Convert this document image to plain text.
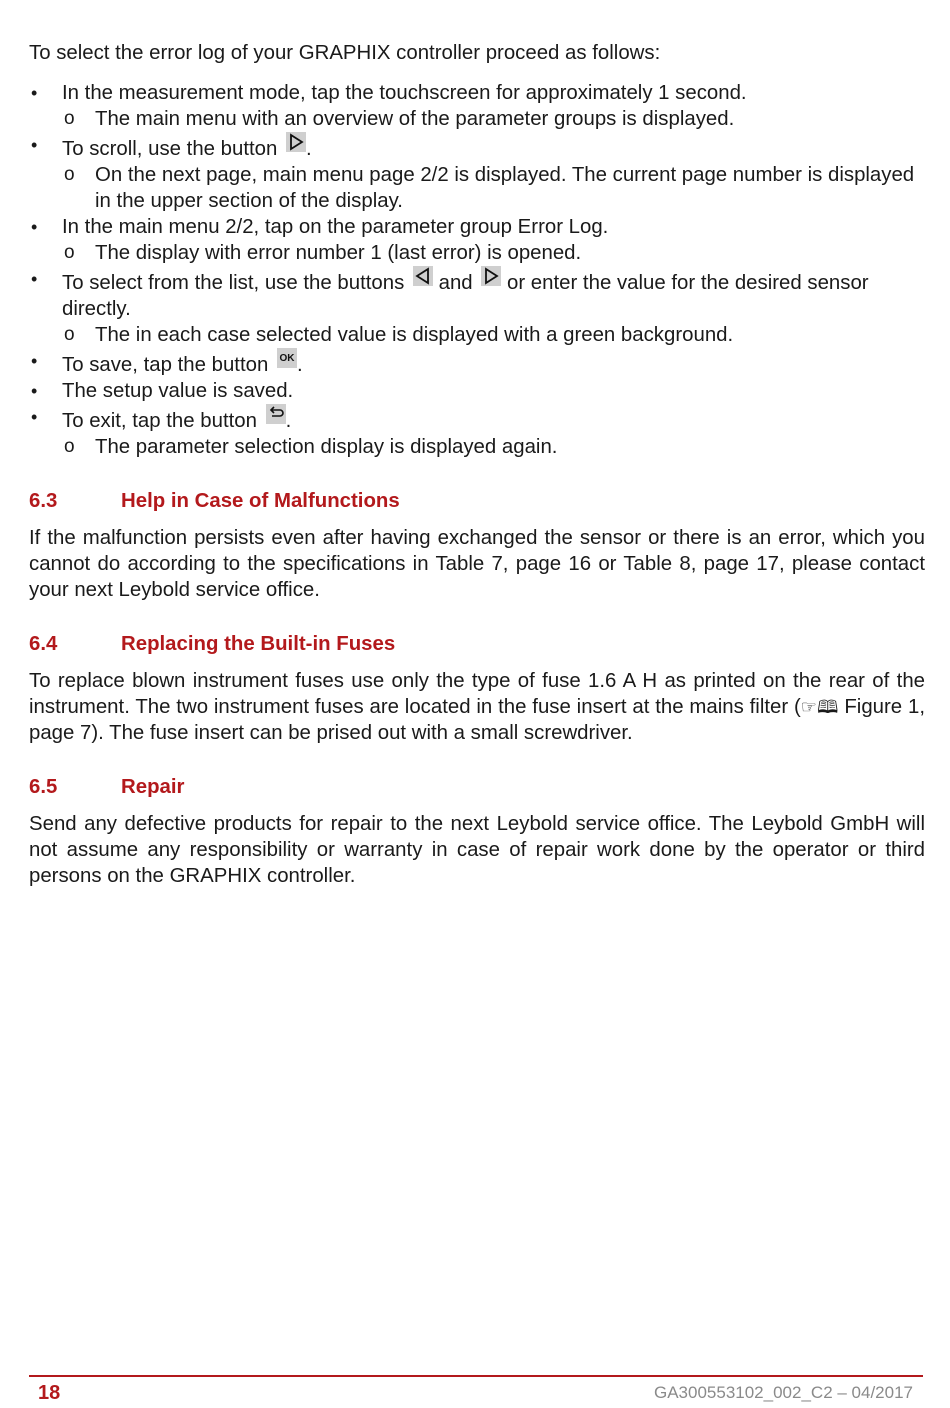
To select the error log of your GRAPHIX controller proceed as follows:

• In the measurement mode, tap the touchscreen for approximately 1 second.
o The main menu with an overview of the parameter groups is displayed.
• To scroll, use the button .
o On the next page, main menu page 2/2 is displayed. The current page number is displayed in the upper section of the display.
• In the main menu 2/2, tap on the parameter group Error Log.
o The display with error number 1 (last error) is opened.
• To select from the list, use the buttons and or enter the value for the desired sensor directly.
o The in each case selected value is displayed with a green background.
• To save, tap the button OK .
• The setup value is saved.
• To exit, tap the button .
o The parameter selection display is displayed again.
6.3	Help in Case of Malfunctions

If the malfunction persists even after having exchanged the sensor or there is an error, which you cannot do according to the specifications in Table 7, page 16 or Table 8, page 17, please contact your next Leybold service office.

6.4	Replacing the Built-in Fuses

To replace blown instrument fuses use only the type of fuse 1.6 A H as printed on the rear of the instrument. The two instrument fuses are located in the fuse insert at the mains filter (☞🕮 Figure 1, page 7). The fuse insert can be prised out with a small screwdriver.

6.5	Repair

Send any defective products for repair to the next Leybold service office. The Leybold GmbH will not assume any responsibility or warranty in case of repair work done by the operator or third persons on the GRAPHIX controller.

18	GA300553102_002_C2 – 04/2017
